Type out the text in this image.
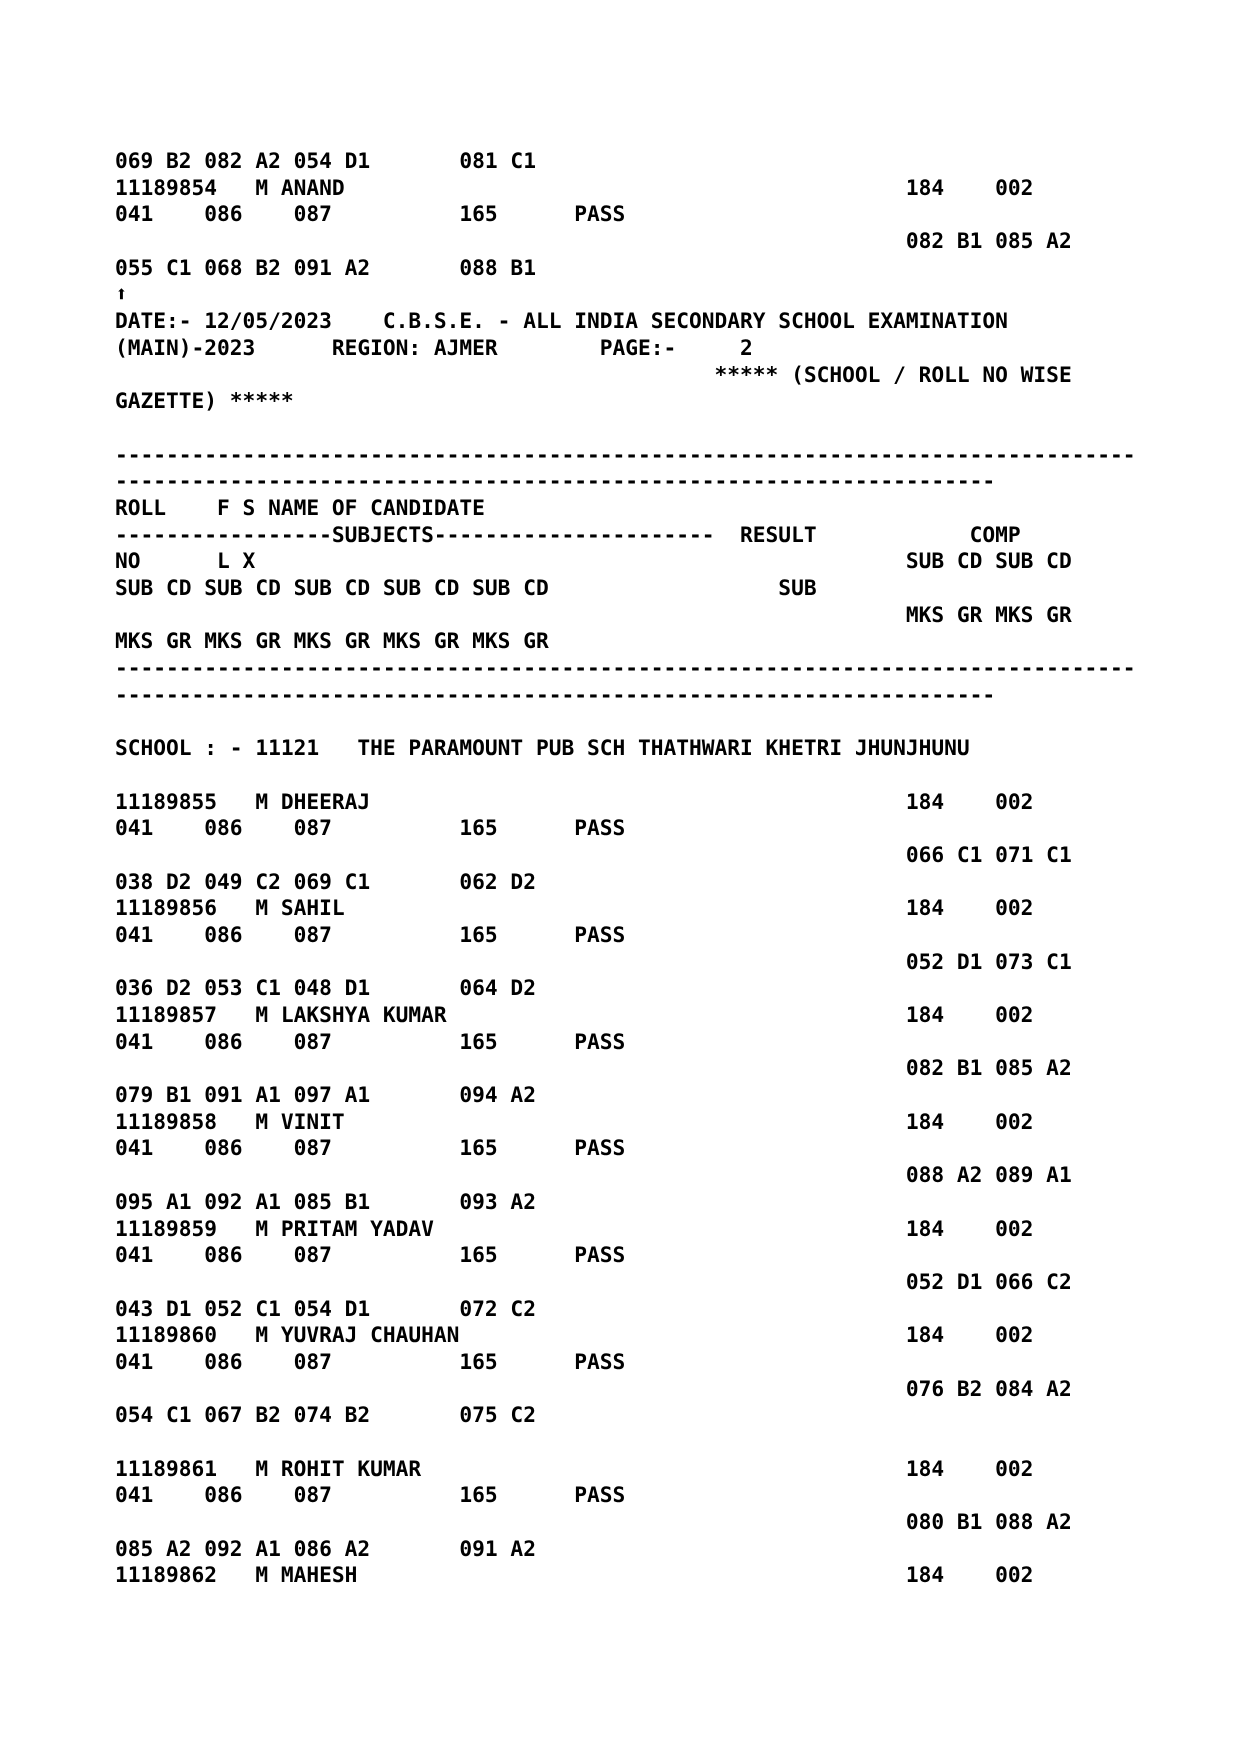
069 B2 082 A2 054 D1       081 C1
11189854   M ANAND                                            184    002
041    086    087          165      PASS
082 B1 085 A2
055 C1 068 B2 091 A2       088 B1
⬆
DATE:- 12/05/2023    C.B.S.E. - ALL INDIA SECONDARY SCHOOL EXAMINATION
(MAIN)-2023      REGION: AJMER        PAGE:-     2
***** (SCHOOL / ROLL NO WISE
GAZETTE) *****
--------------------------------------------------------------------------------
---------------------------------------------------------------------
ROLL    F S NAME OF CANDIDATE
-----------------SUBJECTS----------------------  RESULT            COMP
NO      L X                                                   SUB CD SUB CD
SUB CD SUB CD SUB CD SUB CD SUB CD                  SUB
MKS GR MKS GR
MKS GR MKS GR MKS GR MKS GR MKS GR
--------------------------------------------------------------------------------
---------------------------------------------------------------------
SCHOOL : - 11121   THE PARAMOUNT PUB SCH THATHWARI KHETRI JHUNJHUNU
11189855   M DHEERAJ                                          184    002
041    086    087          165      PASS
066 C1 071 C1
038 D2 049 C2 069 C1       062 D2
11189856   M SAHIL                                            184    002
041    086    087          165      PASS
052 D1 073 C1
036 D2 053 C1 048 D1       064 D2
11189857   M LAKSHYA KUMAR                                    184    002
041    086    087          165      PASS
082 B1 085 A2
079 B1 091 A1 097 A1       094 A2
11189858   M VINIT                                            184    002
041    086    087          165      PASS
088 A2 089 A1
095 A1 092 A1 085 B1       093 A2
11189859   M PRITAM YADAV                                     184    002
041    086    087          165      PASS
052 D1 066 C2
043 D1 052 C1 054 D1       072 C2
11189860   M YUVRAJ CHAUHAN                                   184    002
041    086    087          165      PASS
076 B2 084 A2
054 C1 067 B2 074 B2       075 C2
11189861   M ROHIT KUMAR                                      184    002
041    086    087          165      PASS
080 B1 088 A2
085 A2 092 A1 086 A2       091 A2
11189862   M MAHESH                                           184    002
